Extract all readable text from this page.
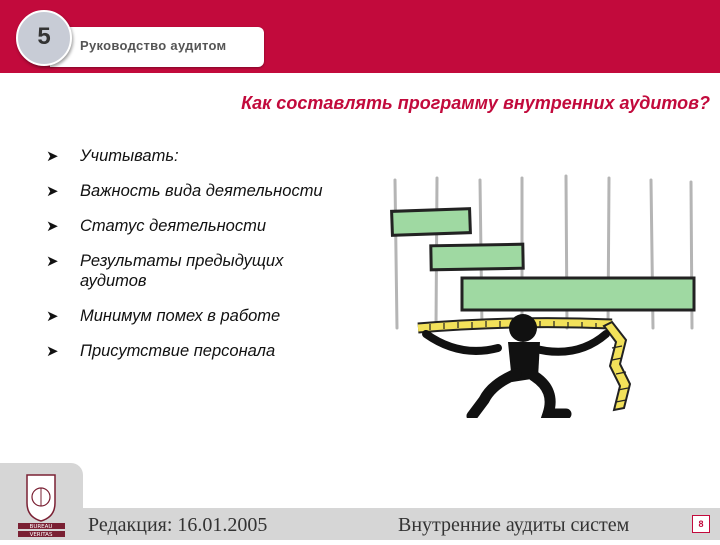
Руководство аудитом
5
Как составлять программу внутренних аудитов?
➤ Учитывать:
➤ Важность вида деятельности
➤ Статус деятельности
➤ Результаты предыдущих аудитов
➤ Минимум помех в работе
➤ Присутствие персонала
BUREAU
VERITAS Редакция: 16.01.2005	Внутренние аудиты систем	8
